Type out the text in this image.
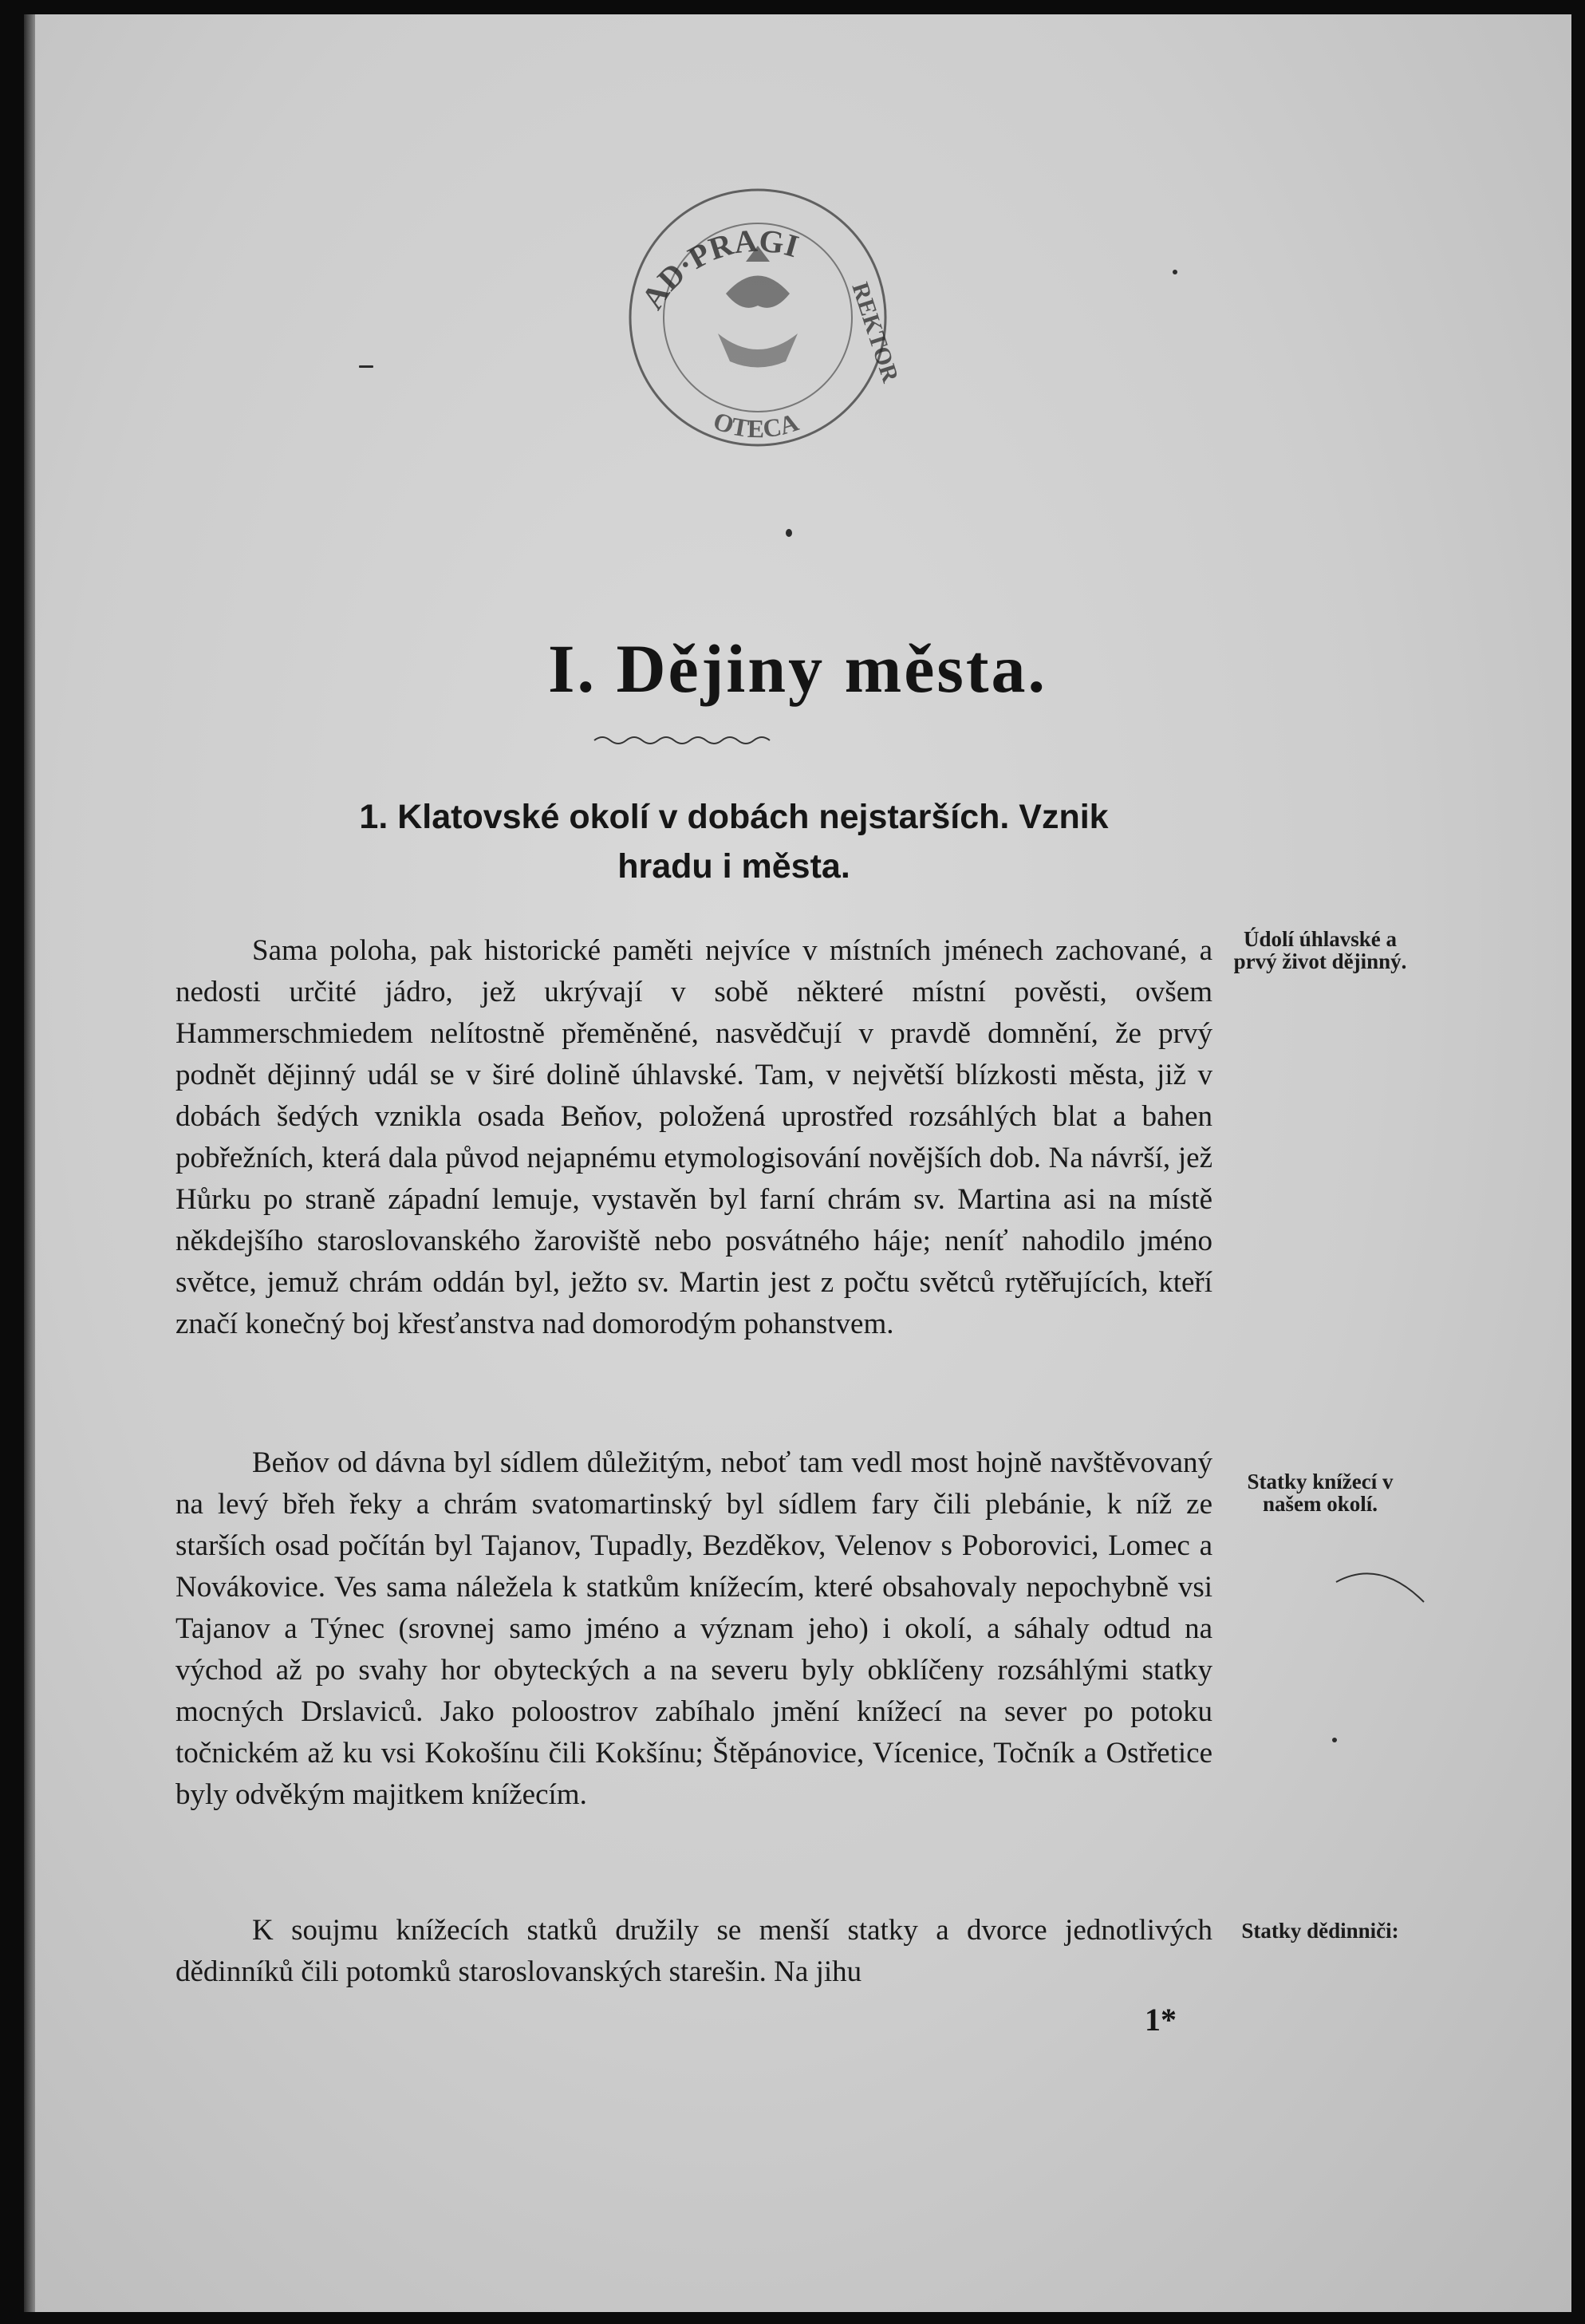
AD·PRAGI
REKTOR
OTECA
I. Dějiny města.
1. Klatovské okolí v dobách nejstarších. Vznik
hradu i města.

Sama poloha, pak historické paměti nejvíce v místních jménech zachované, a nedosti určité jádro, jež ukrývají v sobě některé místní pověsti, ovšem Hammerschmiedem nelítostně přeměněné, nasvědčují v pravdě domnění, že prvý podnět dějinný udál se v širé dolině úhlavské. Tam, v největší blízkosti města, již v dobách šedých vznikla osada Beňov, položená uprostřed rozsáhlých blat a bahen pobřežních, která dala původ nejapnému etymologisování novějších dob. Na návrší, jež Hůrku po straně západní lemuje, vystavěn byl farní chrám sv. Martina asi na místě někdejšího staroslovanského žaroviště nebo posvátného háje; neníť nahodilo jméno světce, jemuž chrám oddán byl, ježto sv. Martin jest z počtu světců rytěřujících, kteří značí konečný boj křesťanstva nad domorodým pohanstvem.

Beňov od dávna byl sídlem důležitým, neboť tam vedl most hojně navštěvovaný na levý břeh řeky a chrám svatomartinský byl sídlem fary čili plebánie, k níž ze starších osad počítán byl Tajanov, Tupadly, Bezděkov, Velenov s Poborovici, Lomec a Novákovice. Ves sama náležela k statkům knížecím, které obsahovaly nepochybně vsi Tajanov a Týnec (srovnej samo jméno a význam jeho) i okolí, a sáhaly odtud na východ až po svahy hor obyteckých a na severu byly obklíčeny rozsáhlými statky mocných Drslaviců. Jako poloostrov zabíhalo jmění knížecí na sever po potoku točnickém až ku vsi Kokošínu čili Kokšínu; Štěpánovice, Vícenice, Točník a Ostřetice byly odvěkým majitkem knížecím.

K soujmu knížecích statků družily se menší statky a dvorce jednotlivých dědinníků čili potomků staroslovanských starešin. Na jihu

Údolí úhlavské a prvý život dějinný.
Statky knížecí v našem okolí.
Statky dědinniči:
1*
